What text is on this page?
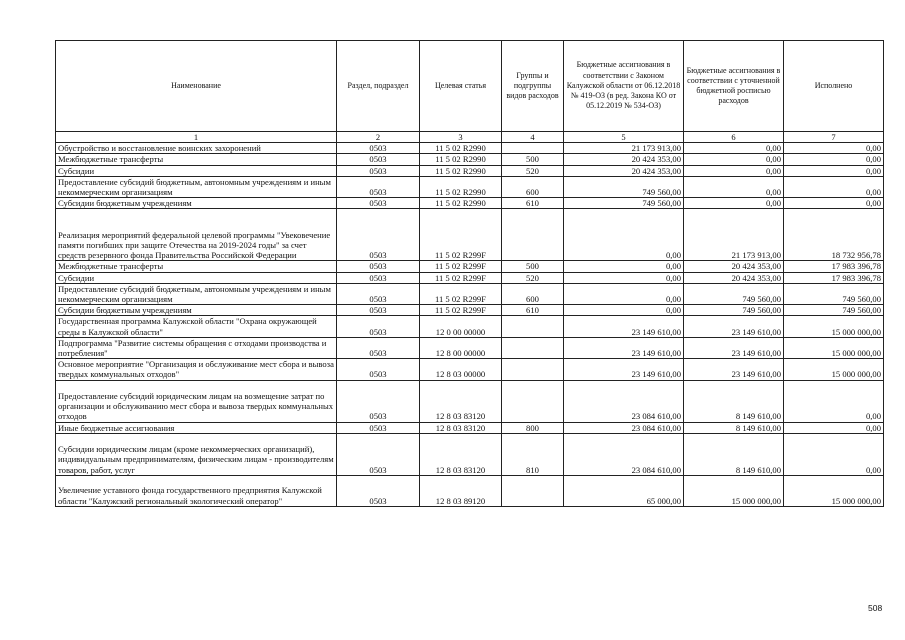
Наименование	Раздел, подраздел	Целевая статья	Группы и подгруппы видов расходов	Бюджетные ассигнования в соответствии с Законом Калужской области от 06.12.2018 № 419-ОЗ (в ред. Закона КО от 05.12.2019 № 534-ОЗ)	Бюджетные ассигнования в соответствии с уточненной бюджетной росписью расходов	Исполнено
1	2	3	4	5	6	7
Обустройство и восстановление воинских захоронений	0503	11 5 02 R2990		21 173 913,00	0,00	0,00
Межбюджетные трансферты	0503	11 5 02 R2990	500	20 424 353,00	0,00	0,00
Субсидии	0503	11 5 02 R2990	520	20 424 353,00	0,00	0,00
Предоставление субсидий бюджетным, автономным учреждениям и иным некоммерческим организациям	0503	11 5 02 R2990	600	749 560,00	0,00	0,00
Субсидии бюджетным учреждениям	0503	11 5 02 R2990	610	749 560,00	0,00	0,00
Реализация мероприятий федеральной целевой программы "Увековечение памяти погибших при защите Отечества на 2019-2024 годы" за счет средств резервного фонда Правительства Российской Федерации	0503	11 5 02 R299F		0,00	21 173 913,00	18 732 956,78
Межбюджетные трансферты	0503	11 5 02 R299F	500	0,00	20 424 353,00	17 983 396,78
Субсидии	0503	11 5 02 R299F	520	0,00	20 424 353,00	17 983 396,78
Предоставление субсидий бюджетным, автономным учреждениям и иным некоммерческим организациям	0503	11 5 02 R299F	600	0,00	749 560,00	749 560,00
Субсидии бюджетным учреждениям	0503	11 5 02 R299F	610	0,00	749 560,00	749 560,00
Государственная программа Калужской области "Охрана окружающей среды в Калужской области"	0503	12 0 00 00000		23 149 610,00	23 149 610,00	15 000 000,00
Подпрограмма "Развитие системы обращения с отходами производства и потребления"	0503	12 8 00 00000		23 149 610,00	23 149 610,00	15 000 000,00
Основное мероприятие "Организация и обслуживание мест сбора и вывоза твердых коммунальных отходов"	0503	12 8 03 00000		23 149 610,00	23 149 610,00	15 000 000,00
Предоставление субсидий юридическим лицам на возмещение затрат по организации и обслуживанию мест сбора и вывоза твердых коммунальных отходов	0503	12 8 03 83120		23 084 610,00	8 149 610,00	0,00
Иные бюджетные ассигнования	0503	12 8 03 83120	800	23 084 610,00	8 149 610,00	0,00
Субсидии юридическим лицам (кроме некоммерческих организаций), индивидуальным предпринимателям, физическим лицам - производителям товаров, работ, услуг	0503	12 8 03 83120	810	23 084 610,00	8 149 610,00	0,00
Увеличение уставного фонда государственного предприятия Калужской области "Калужский региональный экологический оператор"	0503	12 8 03 89120		65 000,00	15 000 000,00	15 000 000,00
508
